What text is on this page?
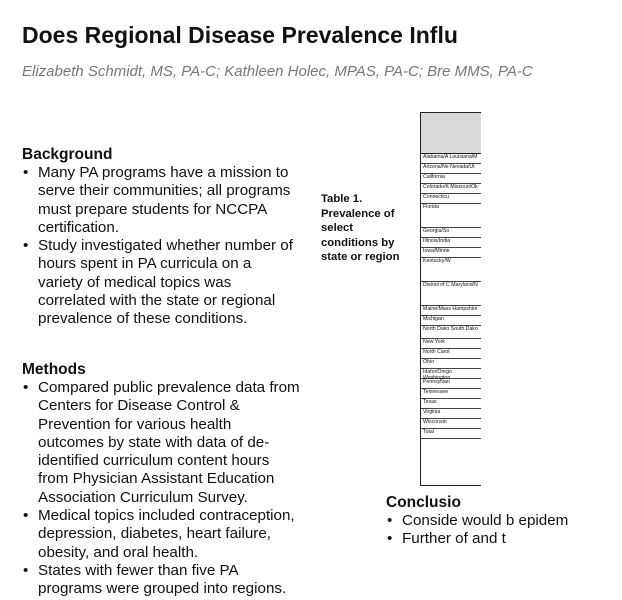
Does Regional Disease Prevalence Influ
Elizabeth Schmidt, MS, PA-C; Kathleen Holec, MPAS, PA-C; Bre MMS, PA-C
Background
• Many PA programs have a mission to serve their communities; all programs must prepare students for NCCPA certification.
• Study investigated whether number of hours spent in PA curricula on a variety of medical topics was correlated with the state or regional prevalence of these conditions.
Methods
• Compared public prevalence data from Centers for Disease Control & Prevention for various health outcomes by state with data of de-identified curriculum content hours from Physician Assistant Education Association Curriculum Survey.
• Medical topics included contraception, depression, diabetes, heart failure, obesity, and oral health.
• States with fewer than five PA programs were grouped into regions.
Table 1. Prevalence of select conditions by state or region
Alabama/A Louisiana/M
Arizona/Ne Nevada/Ut
California
Colorado/K Missouri/Ok
Connecticu
Florida
Georgia/So
Illinois/India
Iowa/Minne
Kentucky/W
District of C Maryland/N
Maine/Mass Hampshire
Michigan
North Dako South Dako
New York
North Carol
Ohio
Idaho/Orego Washington
Pennsylvan
Tennessee
Texas
Virginia
Wisconsin
Total
Conclusio
• Conside would b epidem
• Further of and t
